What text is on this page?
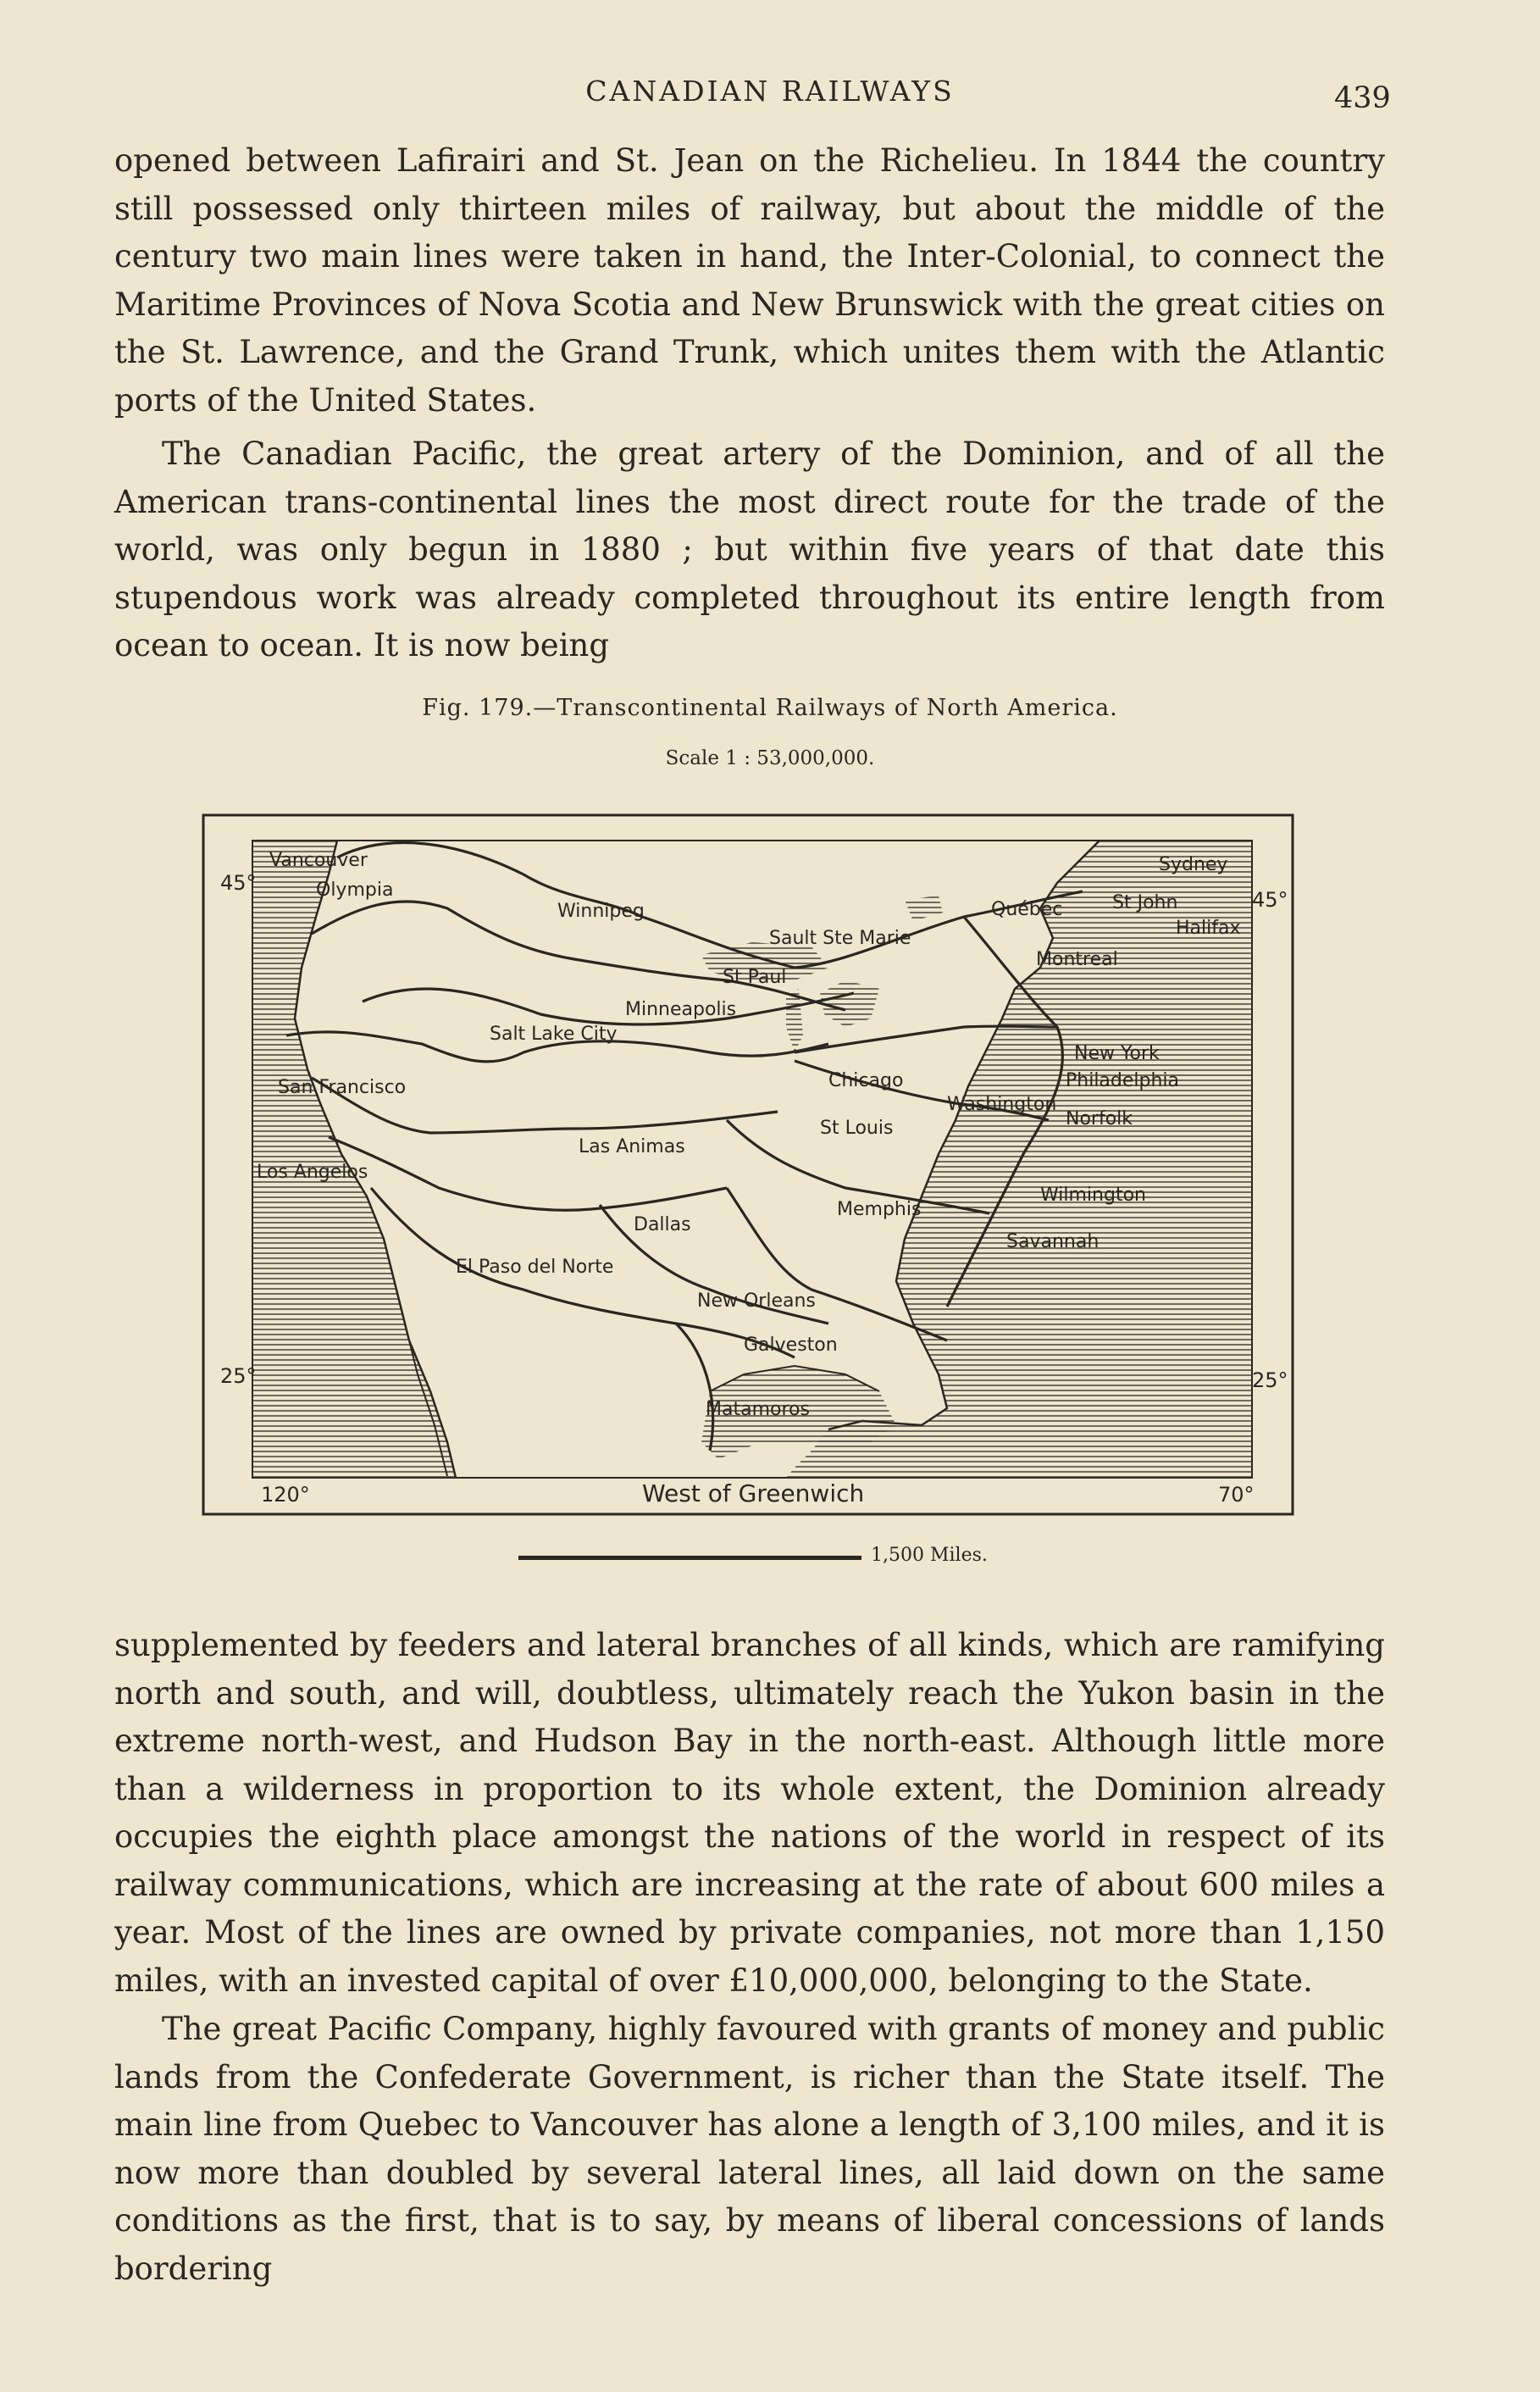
CANADIAN RAILWAYS	439

opened between Lafirairi and St. Jean on the Richelieu. In 1844 the country still possessed only thirteen miles of railway, but about the middle of the century two main lines were taken in hand, the Inter-Colonial, to connect the Maritime Provinces of Nova Scotia and New Brunswick with the great cities on the St. Lawrence, and the Grand Trunk, which unites them with the Atlantic ports of the United States.

The Canadian Pacific, the great artery of the Dominion, and of all the American trans-continental lines the most direct route for the trade of the world, was only begun in 1880 ; but within five years of that date this stupendous work was already completed throughout its entire length from ocean to ocean. It is now being

Fig. 179.—Transcontinental Railways of North America.
Scale 1 : 53,000,000.
45°
45°
25°	25°
120°	70°
West of Greenwich
Vancouver
Olympia
Winnipeg	Québec
Sydney
St John
Halifax
Sault Ste Marie
St Paul
Montreal
Minneapolis
Salt Lake City
Chicago
New York
San Francisco
Washington
Philadelphia
St Louis	Norfolk
Las Animas
Los Angelos
Memphis
Wilmington
Dallas
Savannah
El Paso del Norte
New Orleans
Galveston
Matamoros
1,500 Miles.

supplemented by feeders and lateral branches of all kinds, which are ramifying north and south, and will, doubtless, ultimately reach the Yukon basin in the extreme north-west, and Hudson Bay in the north-east. Although little more than a wilderness in proportion to its whole extent, the Dominion already occupies the eighth place amongst the nations of the world in respect of its railway communications, which are increasing at the rate of about 600 miles a year. Most of the lines are owned by private companies, not more than 1,150 miles, with an invested capital of over £10,000,000, belonging to the State.

The great Pacific Company, highly favoured with grants of money and public lands from the Confederate Government, is richer than the State itself. The main line from Quebec to Vancouver has alone a length of 3,100 miles, and it is now more than doubled by several lateral lines, all laid down on the same conditions as the first, that is to say, by means of liberal concessions of lands bordering
